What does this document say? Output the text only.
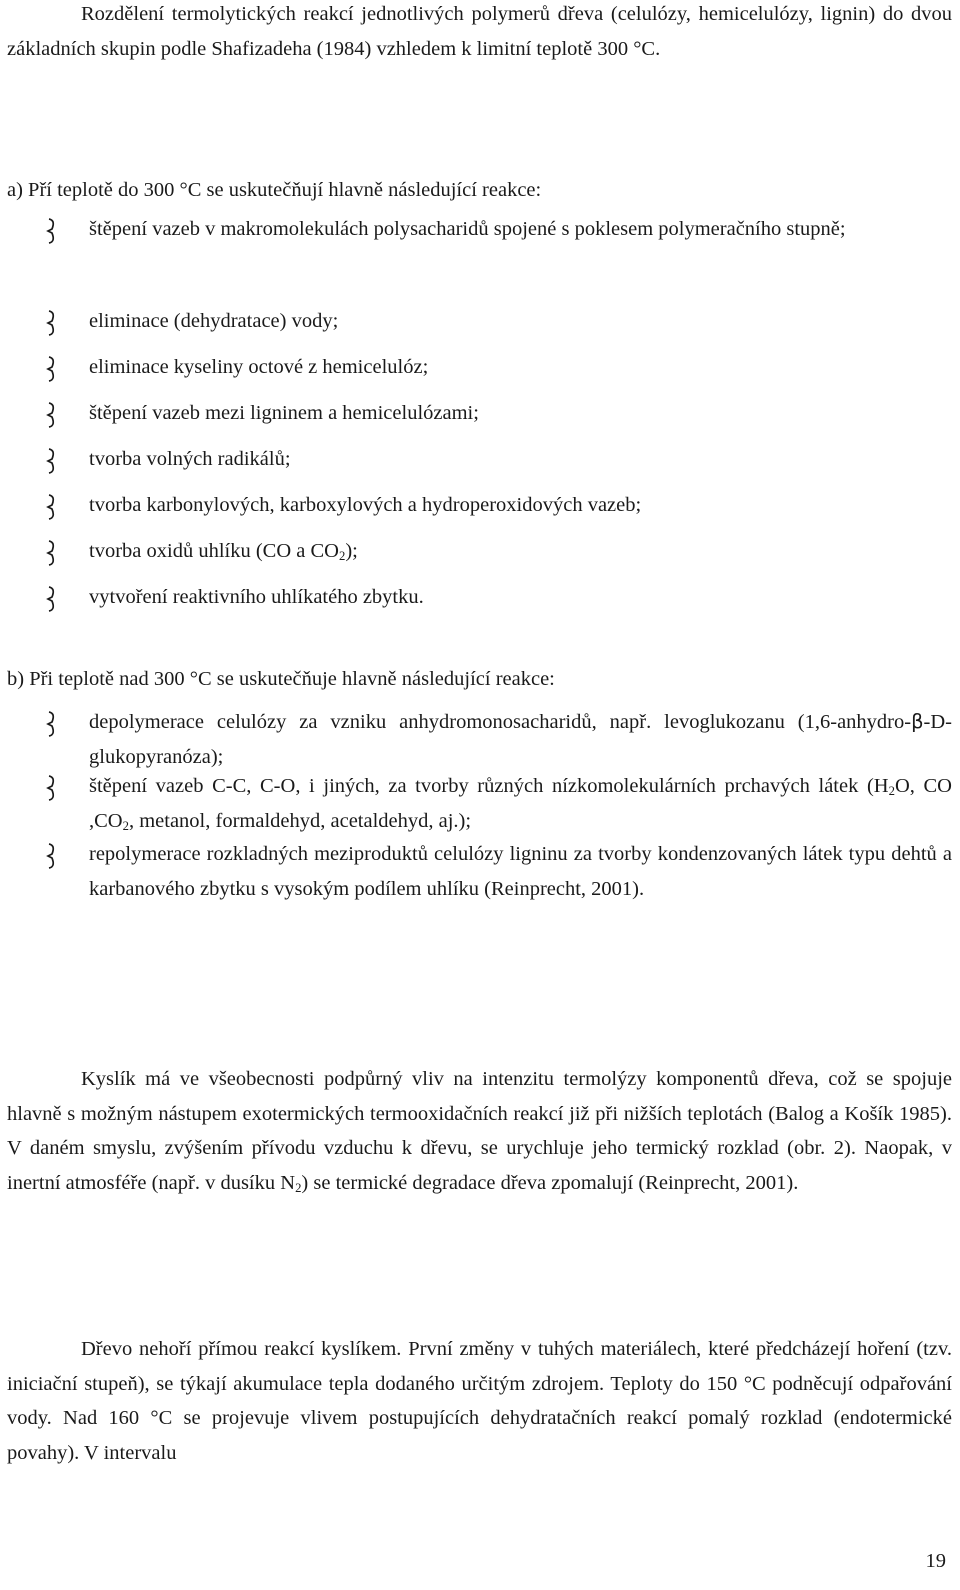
Rozdělení termolytických reakcí jednotlivých polymerů dřeva (celulózy, hemicelulózy, lignin) do dvou základních skupin podle Shafizadeha (1984) vzhledem k limitní teplotě 300 °C.

a) Pří teplotě do 300 °C se uskutečňují hlavně následující reakce:
štěpení vazeb v makromolekulách polysacharidů spojené s poklesem polymeračního stupně;
eliminace (dehydratace) vody;
eliminace kyseliny octové z hemicelulóz;
štěpení vazeb mezi ligninem a hemicelulózami;
tvorba volných radikálů;
tvorba karbonylových, karboxylových a hydroperoxidových vazeb;
tvorba oxidů uhlíku (CO a $CO_2$);
vytvoření reaktivního uhlíkatého zbytku.
b) Při teplotě nad 300 °C se uskutečňuje hlavně následující reakce:
depolymerace celulózy za vzniku anhydromonosacharidů, např. levoglukozanu (1,6-anhydro-β-D-glukopyranóza);
štěpení vazeb C-C, C-O, i jiných, za tvorby různých nízkomolekulárních prchavých látek ($H_2O$, CO $,CO_2$, metanol, formaldehyd, acetaldehyd, aj.);
repolymerace rozkladných meziproduktů celulózy ligninu za tvorby kondenzovaných látek typu dehtů a karbanového zbytku s vysokým podílem uhlíku (Reinprecht, 2001).

Kyslík má ve všeobecnosti podpůrný vliv na intenzitu termolýzy komponentů dřeva, což se spojuje hlavně s možným nástupem exotermických termooxidačních reakcí již při nižších teplotách (Balog a Košík 1985). V daném smyslu, zvýšením přívodu vzduchu k dřevu, se urychluje jeho termický rozklad (obr. 2). Naopak, v inertní atmosféře (např. v dusíku $N_2$) se termické degradace dřeva zpomalují (Reinprecht, 2001).

Dřevo nehoří přímou reakcí kyslíkem. První změny v tuhých materiálech, které předcházejí hoření (tzv. iniciační stupeň), se týkají akumulace tepla dodaného určitým zdrojem. Teploty do 150 °C podněcují odpařování vody. Nad 160 °C se projevuje vlivem postupujících dehydratačních reakcí pomalý rozklad (endotermické povahy). V intervalu

19
